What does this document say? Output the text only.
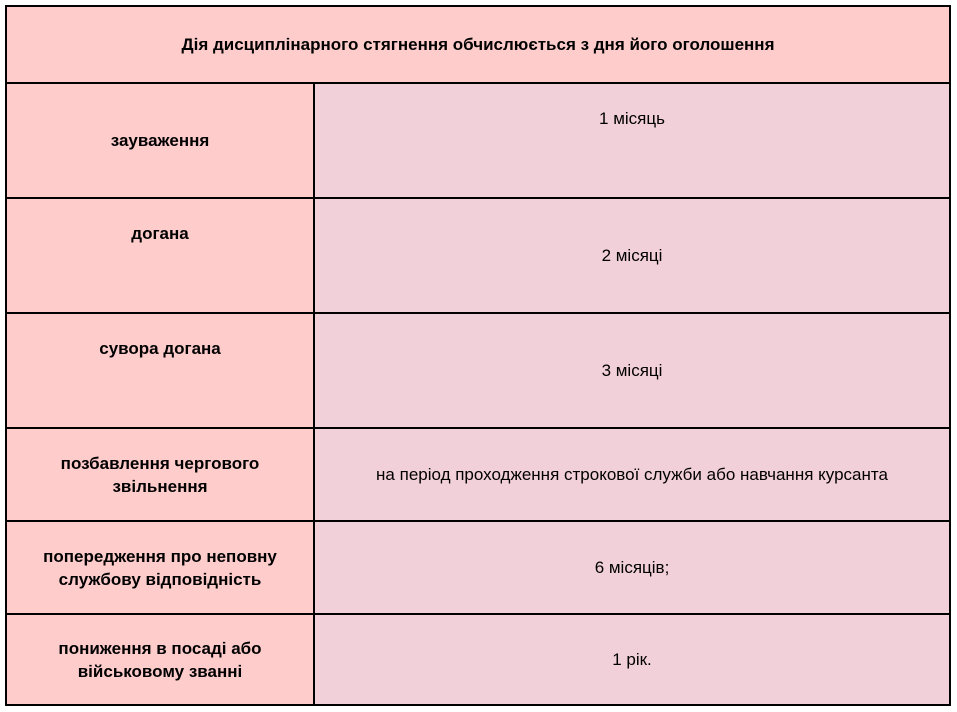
Дія дисциплінарного стягнення обчислюється з дня його оголошення
зауваження
1 місяць
догана
2 місяці
сувора догана
3 місяці
позбавлення чергового звільнення
на період проходження строкової служби або навчання курсанта
попередження про неповну службову відповідність
6 місяців;
пониження в посаді або військовому званні
1 рік.
